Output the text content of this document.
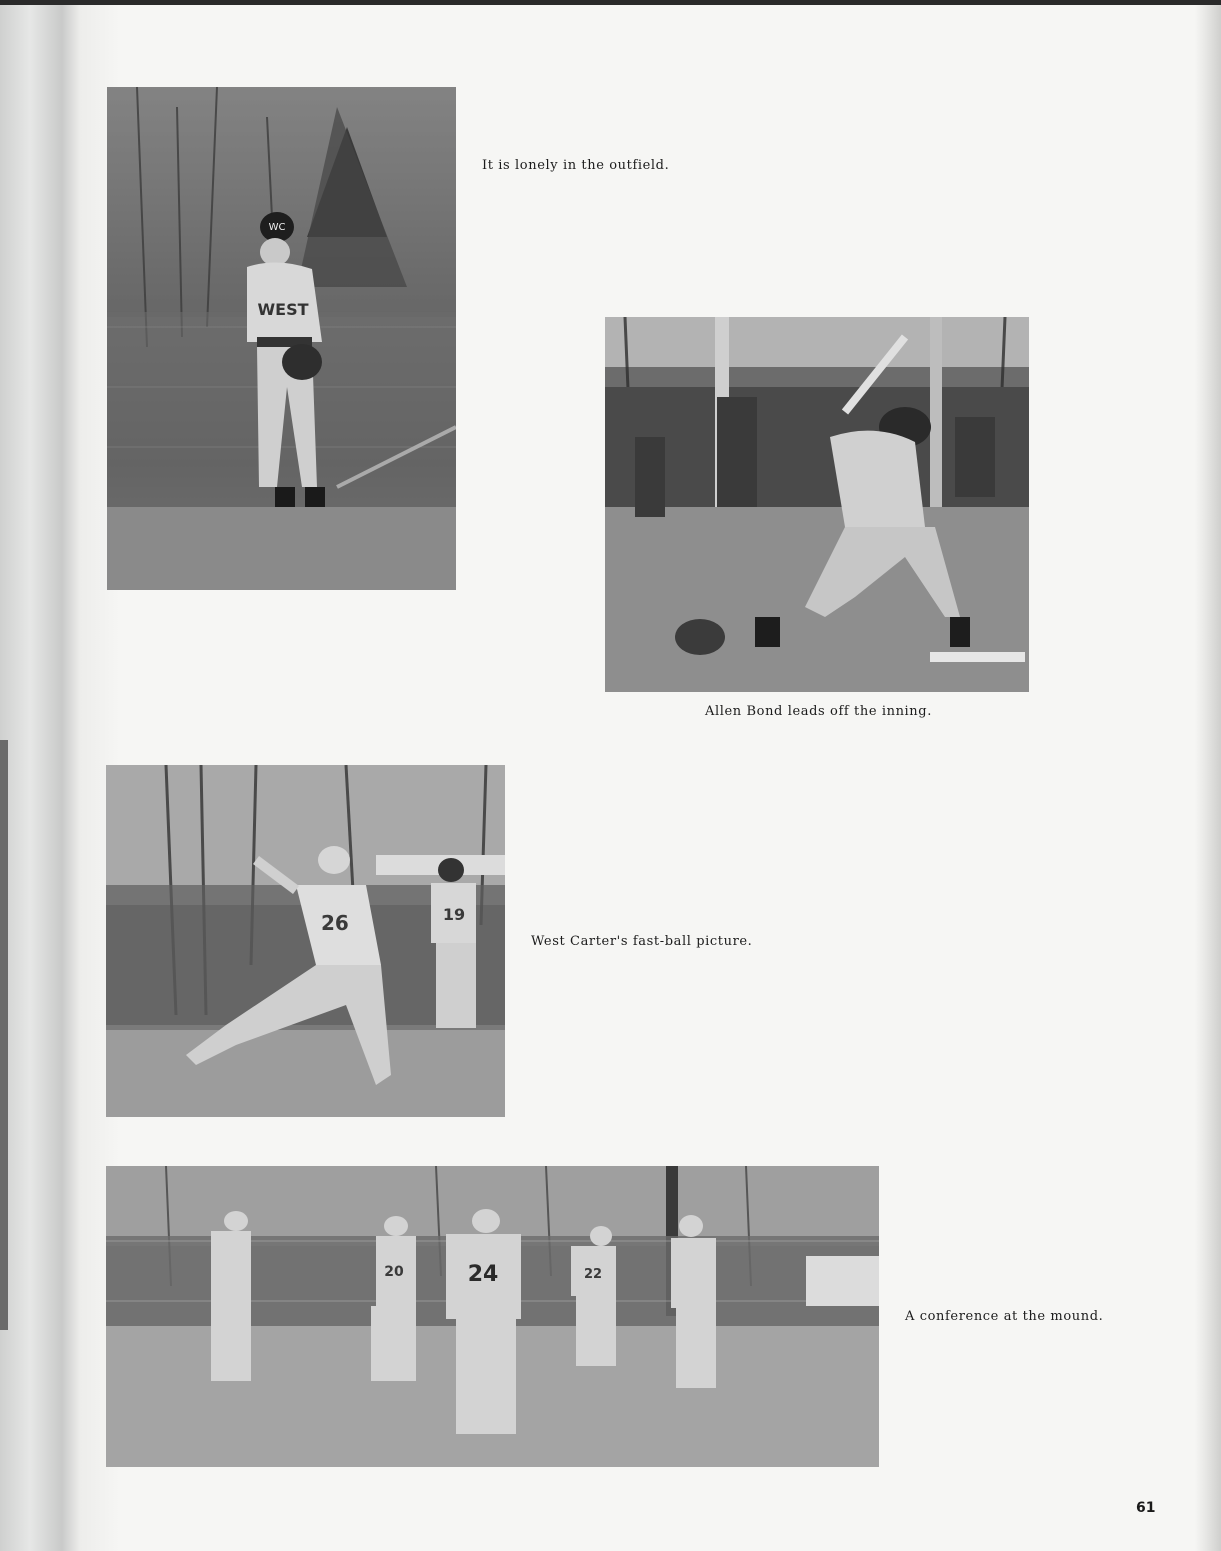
WC
WEST
It is lonely in the outfield.
Allen Bond leads off the inning.
26	19
West Carter's fast-ball picture.
20	24	22
A conference at the mound.
61
